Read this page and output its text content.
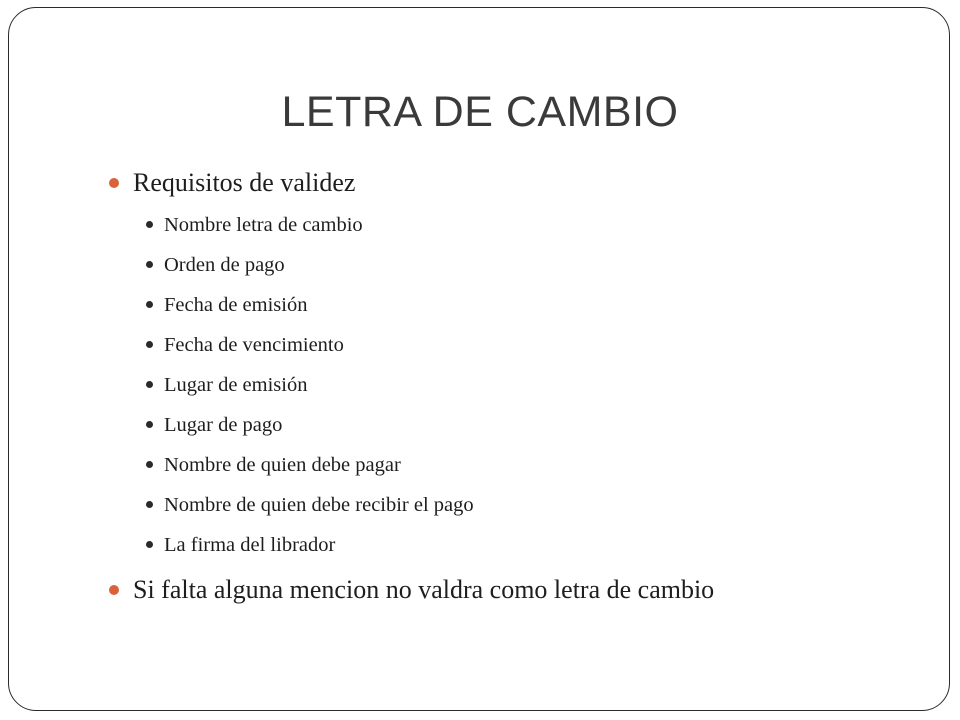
LETRA DE CAMBIO
Requisitos de validez
Nombre letra de cambio
Orden de pago
Fecha de emisión
Fecha de vencimiento
Lugar de emisión
Lugar de pago
Nombre de quien debe pagar
Nombre de quien debe recibir el pago
La firma del librador
Si falta alguna mencion no valdra como letra de cambio
